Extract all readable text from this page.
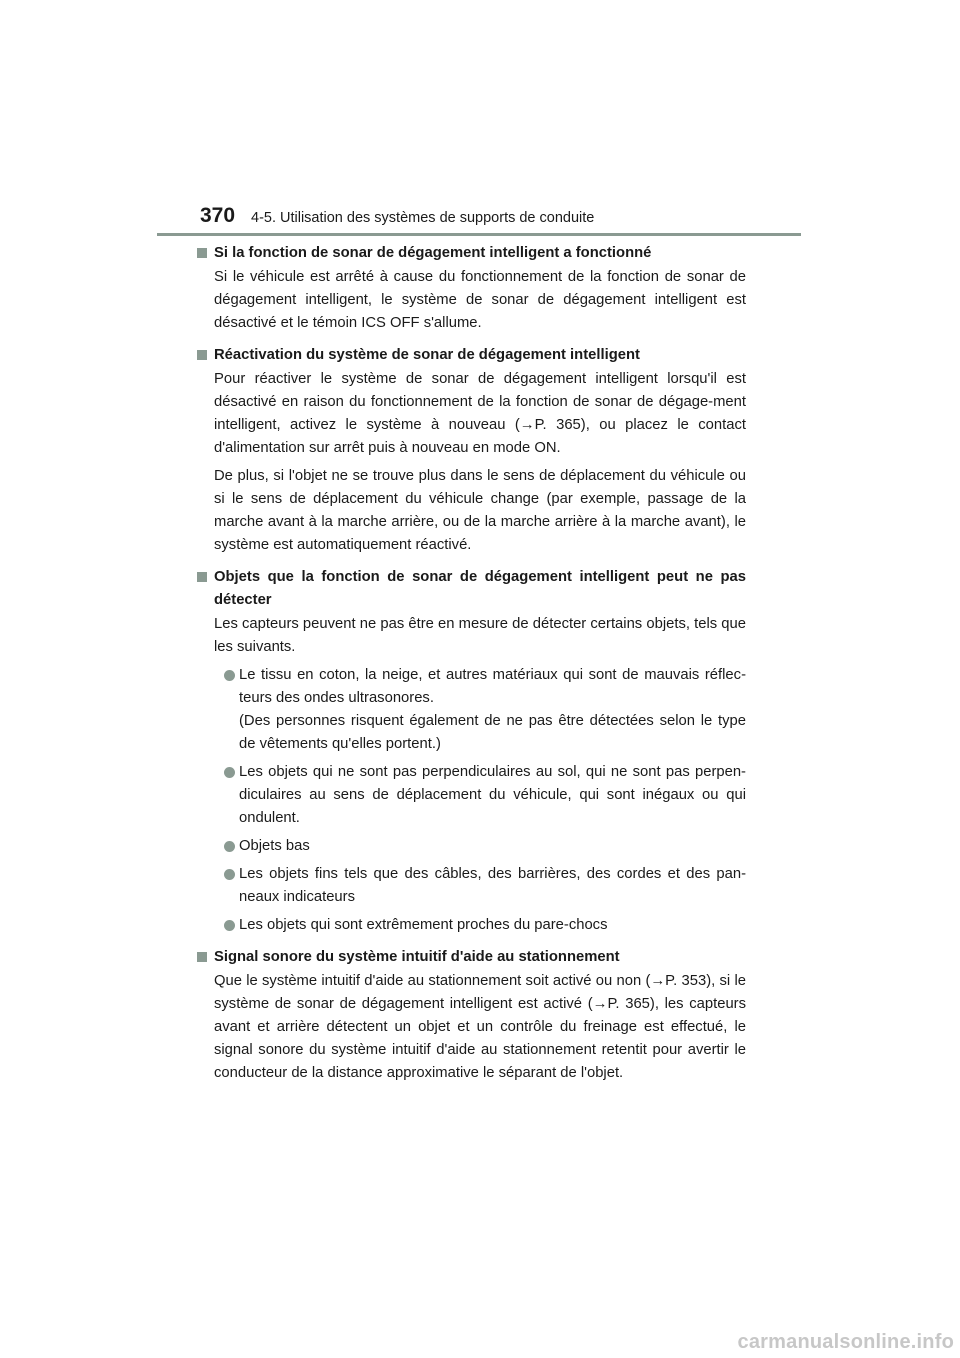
370 4-5. Utilisation des systèmes de supports de conduite
Si la fonction de sonar de dégagement intelligent a fonctionné

Si le véhicule est arrêté à cause du fonctionnement de la fonction de sonar de dégagement intelligent, le système de sonar de dégagement intelligent est désactivé et le témoin ICS OFF s'allume.

Réactivation du système de sonar de dégagement intelligent

Pour réactiver le système de sonar de dégagement intelligent lorsqu'il est désactivé en raison du fonctionnement de la fonction de sonar de dégage-ment intelligent, activez le système à nouveau (→P. 365), ou placez le contact d'alimentation sur arrêt puis à nouveau en mode ON.

De plus, si l'objet ne se trouve plus dans le sens de déplacement du véhicule ou si le sens de déplacement du véhicule change (par exemple, passage de la marche avant à la marche arrière, ou de la marche arrière à la marche avant), le système est automatiquement réactivé.

Objets que la fonction de sonar de dégagement intelligent peut ne pas détecter

Les capteurs peuvent ne pas être en mesure de détecter certains objets, tels que les suivants.

Le tissu en coton, la neige, et autres matériaux qui sont de mauvais réflec-teurs des ondes ultrasonores.
(Des personnes risquent également de ne pas être détectées selon le type de vêtements qu'elles portent.)
Les objets qui ne sont pas perpendiculaires au sol, qui ne sont pas perpen-diculaires au sens de déplacement du véhicule, qui sont inégaux ou qui ondulent.
Objets bas
Les objets fins tels que des câbles, des barrières, des cordes et des pan-neaux indicateurs
Les objets qui sont extrêmement proches du pare-chocs
Signal sonore du système intuitif d'aide au stationnement

Que le système intuitif d'aide au stationnement soit activé ou non (→P. 353), si le système de sonar de dégagement intelligent est activé (→P. 365), les capteurs avant et arrière détectent un objet et un contrôle du freinage est effectué, le signal sonore du système intuitif d'aide au stationnement retentit pour avertir le conducteur de la distance approximative le séparant de l'objet.

carmanualsonline.info
